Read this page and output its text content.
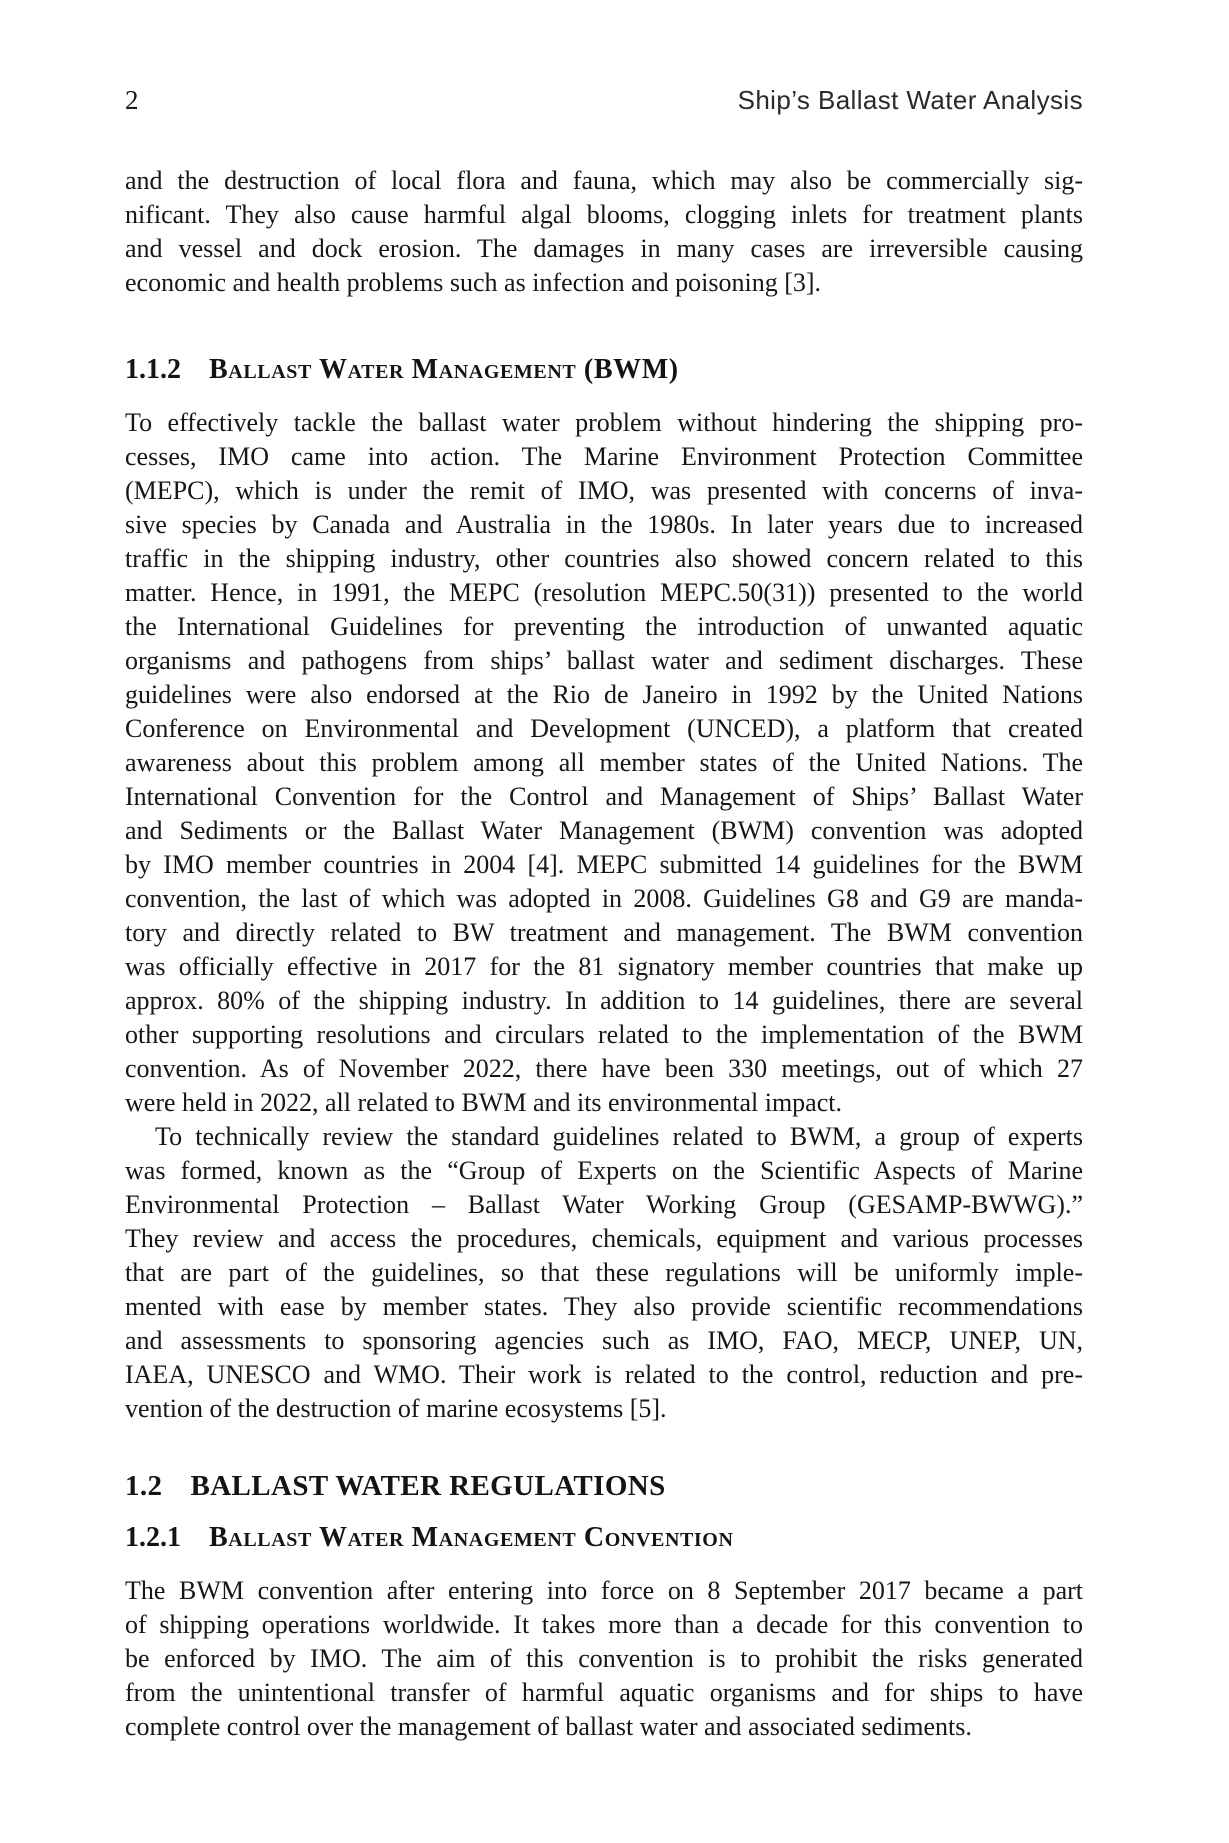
2	Ship’s Ballast Water Analysis
and the destruction of local flora and fauna, which may also be commercially sig-
nificant. They also cause harmful algal blooms, clogging inlets for treatment plants
and vessel and dock erosion. The damages in many cases are irreversible causing
economic and health problems such as infection and poisoning [3].
1.1.2 Ballast Water Management (BWM)
To effectively tackle the ballast water problem without hindering the shipping pro-
cesses, IMO came into action. The Marine Environment Protection Committee
(MEPC), which is under the remit of IMO, was presented with concerns of inva-
sive species by Canada and Australia in the 1980s. In later years due to increased
traffic in the shipping industry, other countries also showed concern related to this
matter. Hence, in 1991, the MEPC (resolution MEPC.50(31)) presented to the world
the International Guidelines for preventing the introduction of unwanted aquatic
organisms and pathogens from ships’ ballast water and sediment discharges. These
guidelines were also endorsed at the Rio de Janeiro in 1992 by the United Nations
Conference on Environmental and Development (UNCED), a platform that created
awareness about this problem among all member states of the United Nations. The
International Convention for the Control and Management of Ships’ Ballast Water
and Sediments or the Ballast Water Management (BWM) convention was adopted
by IMO member countries in 2004 [4]. MEPC submitted 14 guidelines for the BWM
convention, the last of which was adopted in 2008. Guidelines G8 and G9 are manda-
tory and directly related to BW treatment and management. The BWM convention
was officially effective in 2017 for the 81 signatory member countries that make up
approx. 80% of the shipping industry. In addition to 14 guidelines, there are several
other supporting resolutions and circulars related to the implementation of the BWM
convention. As of November 2022, there have been 330 meetings, out of which 27
were held in 2022, all related to BWM and its environmental impact.
To technically review the standard guidelines related to BWM, a group of experts
was formed, known as the “Group of Experts on the Scientific Aspects of Marine
Environmental Protection – Ballast Water Working Group (GESAMP-BWWG).”
They review and access the procedures, chemicals, equipment and various processes
that are part of the guidelines, so that these regulations will be uniformly imple-
mented with ease by member states. They also provide scientific recommendations
and assessments to sponsoring agencies such as IMO, FAO, MECP, UNEP, UN,
IAEA, UNESCO and WMO. Their work is related to the control, reduction and pre-
vention of the destruction of marine ecosystems [5].
1.2 BALLAST WATER REGULATIONS
1.2.1 Ballast Water Management Convention
The BWM convention after entering into force on 8 September 2017 became a part
of shipping operations worldwide. It takes more than a decade for this convention to
be enforced by IMO. The aim of this convention is to prohibit the risks generated
from the unintentional transfer of harmful aquatic organisms and for ships to have
complete control over the management of ballast water and associated sediments.
